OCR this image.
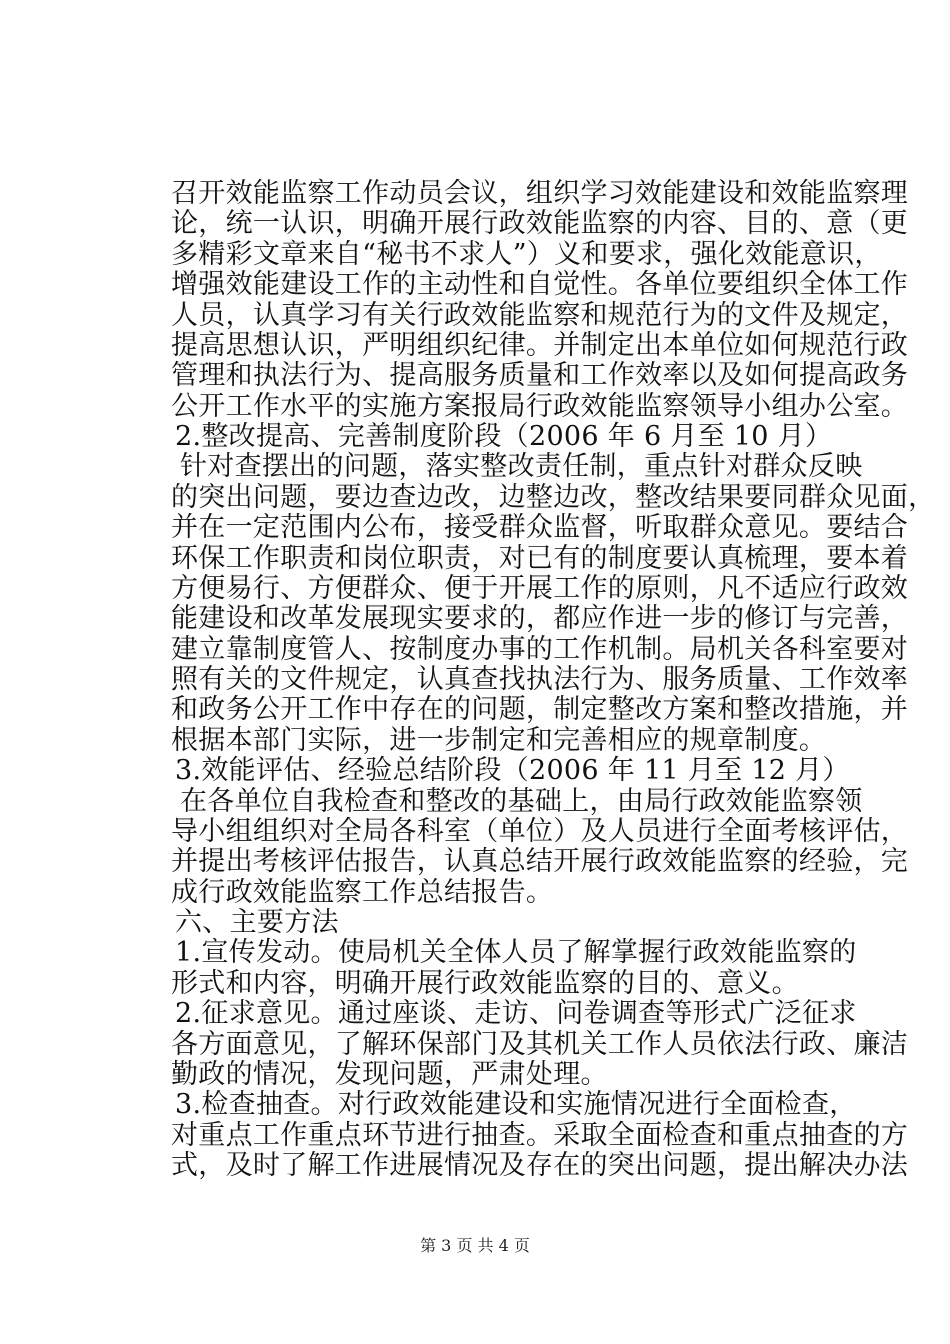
召开效能监察工作动员会议，组织学习效能建设和效能监察理
论，统一认识，明确开展行政效能监察的内容、目的、意（更
多精彩文章来自“秘书不求人”）义和要求，强化效能意识，
增强效能建设工作的主动性和自觉性。各单位要组织全体工作
人员，认真学习有关行政效能监察和规范行为的文件及规定，
提高思想认识，严明组织纪律。并制定出本单位如何规范行政
管理和执法行为、提高服务质量和工作效率以及如何提高政务
公开工作水平的实施方案报局行政效能监察领导小组办公室。
2.整改提高、完善制度阶段（2006 年 6 月至 10 月）
针对查摆出的问题，落实整改责任制，重点针对群众反映
的突出问题，要边查边改，边整边改，整改结果要同群众见面，
并在一定范围内公布，接受群众监督，听取群众意见。要结合
环保工作职责和岗位职责，对已有的制度要认真梳理，要本着
方便易行、方便群众、便于开展工作的原则，凡不适应行政效
能建设和改革发展现实要求的，都应作进一步的修订与完善，
建立靠制度管人、按制度办事的工作机制。局机关各科室要对
照有关的文件规定，认真查找执法行为、服务质量、工作效率
和政务公开工作中存在的问题，制定整改方案和整改措施，并
根据本部门实际，进一步制定和完善相应的规章制度。
3.效能评估、经验总结阶段（2006 年 11 月至 12 月）
在各单位自我检查和整改的基础上，由局行政效能监察领
导小组组织对全局各科室（单位）及人员进行全面考核评估，
并提出考核评估报告，认真总结开展行政效能监察的经验，完
成行政效能监察工作总结报告。
六、主要方法
1.宣传发动。使局机关全体人员了解掌握行政效能监察的
形式和内容，明确开展行政效能监察的目的、意义。
2.征求意见。通过座谈、走访、问卷调查等形式广泛征求
各方面意见，了解环保部门及其机关工作人员依法行政、廉洁
勤政的情况，发现问题，严肃处理。
3.检查抽查。对行政效能建设和实施情况进行全面检查，
对重点工作重点环节进行抽查。采取全面检查和重点抽查的方
式，及时了解工作进展情况及存在的突出问题，提出解决办法
第 3 页 共 4 页
